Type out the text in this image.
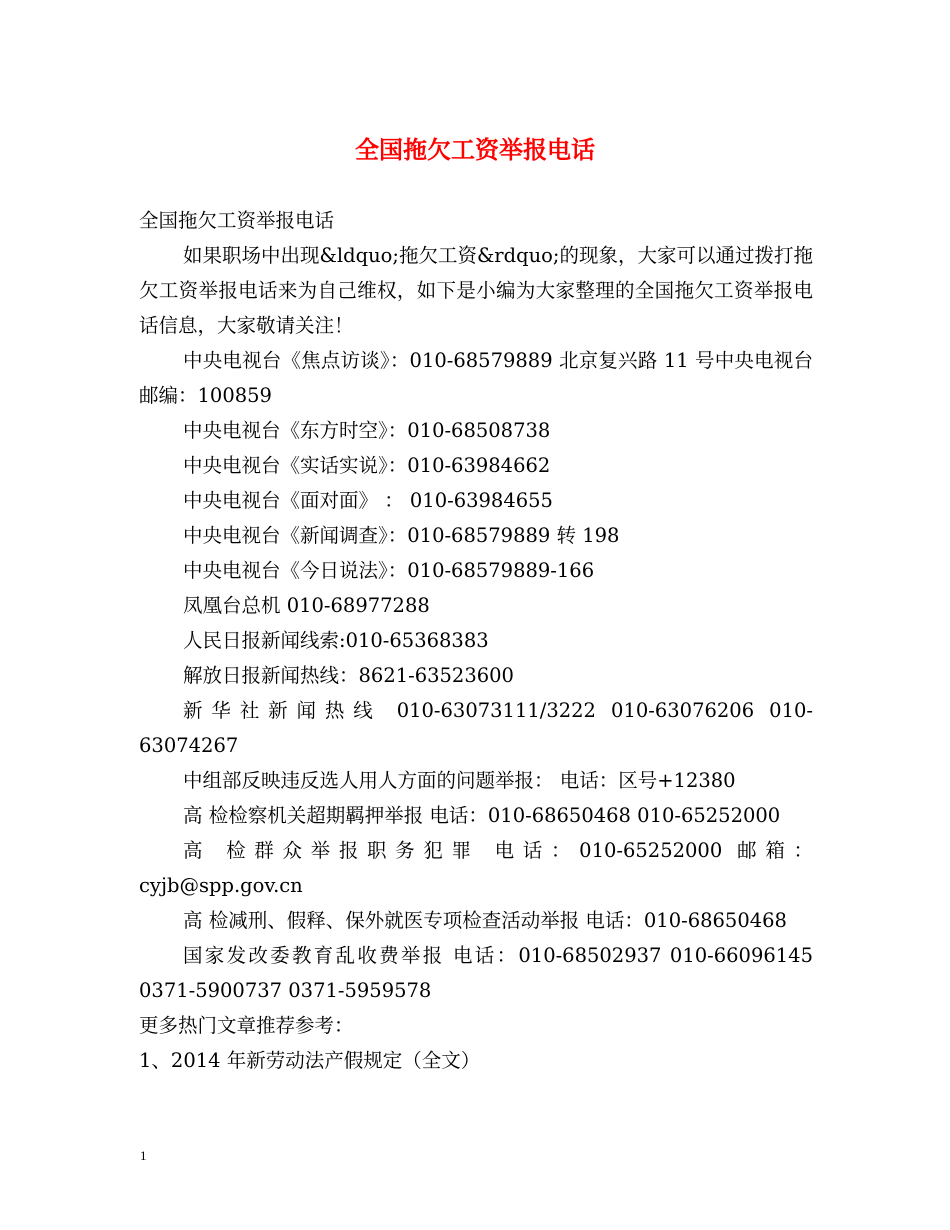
全国拖欠工资举报电话

全国拖欠工资举报电话

如果职场中出现&ldquo;拖欠工资&rdquo;的现象，大家可以通过拨打拖欠工资举报电话来为自己维权，如下是小编为大家整理的全国拖欠工资举报电话信息，大家敬请关注！

中央电视台《焦点访谈》：010-68579889 北京复兴路 11 号中央电视台邮编：100859

中央电视台《东方时空》：010-68508738

中央电视台《实话实说》：010-63984662

中央电视台《面对面》 ： 010-63984655

中央电视台《新闻调查》：010-68579889 转 198

中央电视台《今日说法》：010-68579889-166

凤凰台总机 010-68977288

人民日报新闻线索:010-65368383

解放日报新闻热线：8621-63523600

新华社新闻热线 010-63073111/3222 010-63076206 010-63074267

中组部反映违反选人用人方面的问题举报： 电话：区号+12380

高 检检察机关超期羁押举报 电话：010-68650468 010-65252000

高 检群众举报职务犯罪 电话：010-65252000 邮箱：cyjb@spp.gov.cn

高 检减刑、假释、保外就医专项检查活动举报 电话：010-68650468

国家发改委教育乱收费举报 电话：010-68502937 010-66096145 0371-5900737 0371-5959578

更多热门文章推荐参考：

1、2014 年新劳动法产假规定（全文）

1
